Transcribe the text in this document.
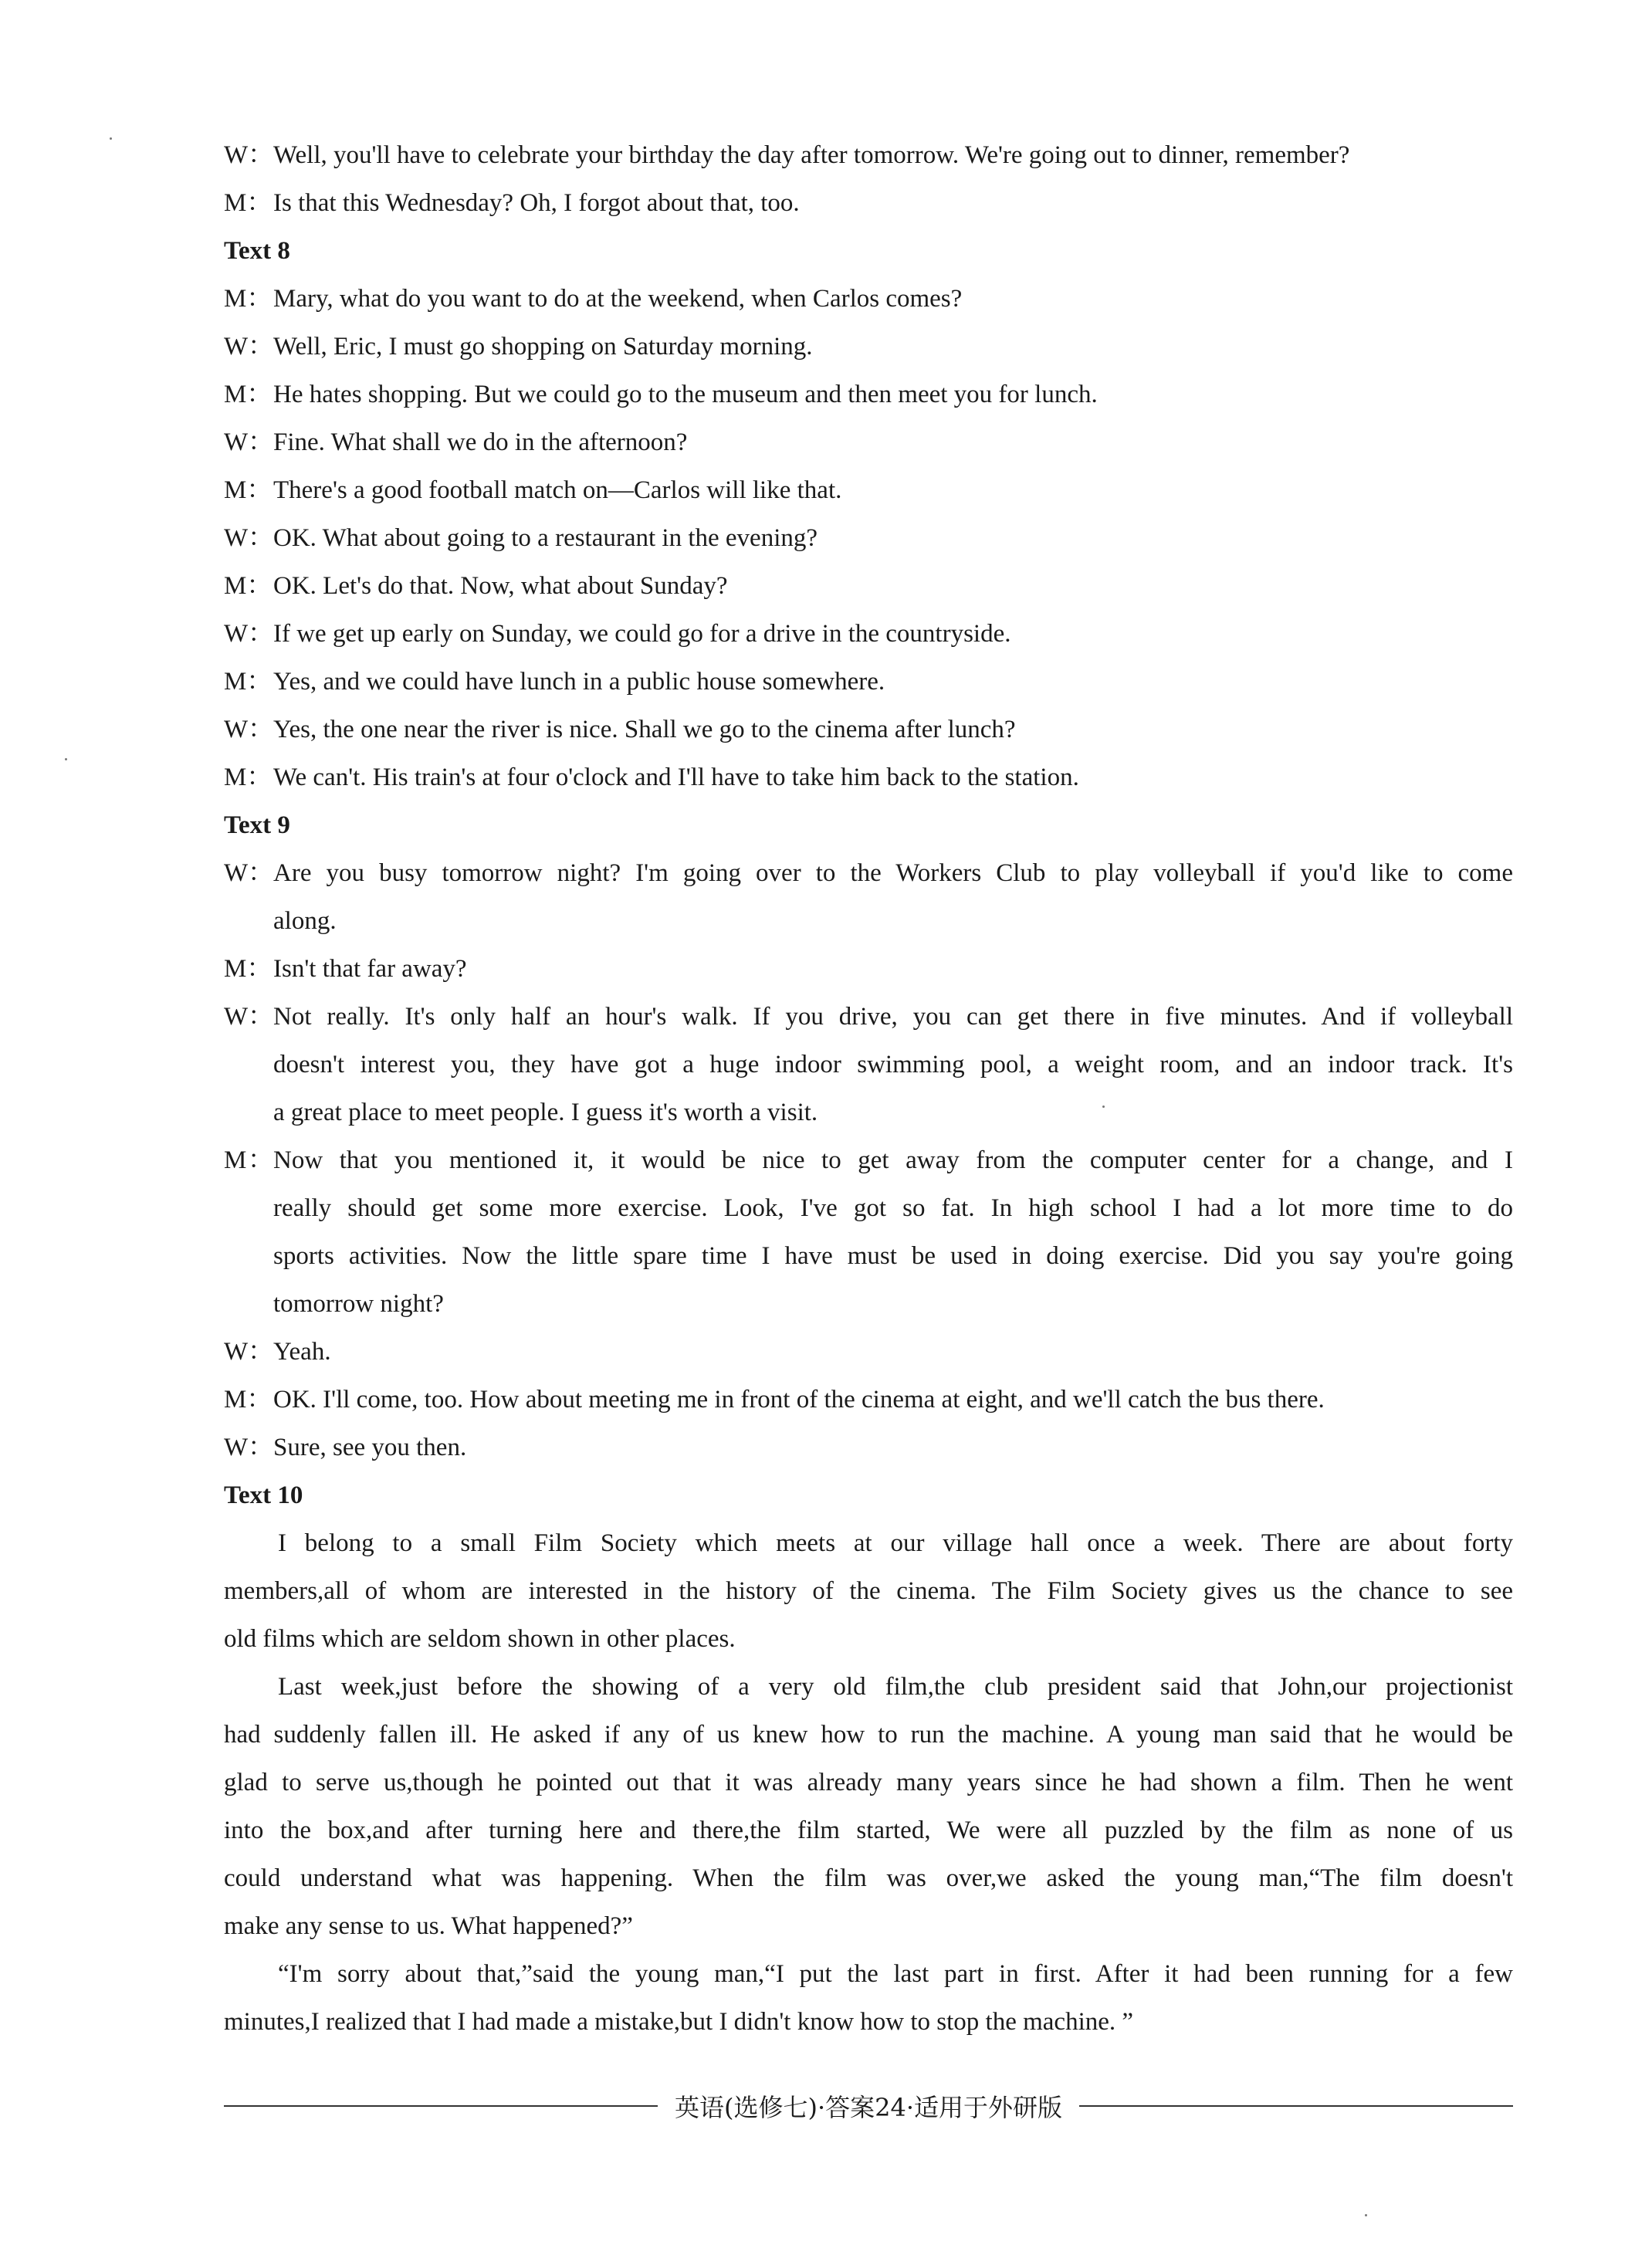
W：Well, you'll have to celebrate your birthday the day after tomorrow. We're going out to dinner, remember?
M：Is that this Wednesday? Oh, I forgot about that, too.
Text 8
M：Mary, what do you want to do at the weekend, when Carlos comes?
W：Well, Eric, I must go shopping on Saturday morning.
M：He hates shopping. But we could go to the museum and then meet you for lunch.
W：Fine. What shall we do in the afternoon?
M：There's a good football match on—Carlos will like that.
W：OK. What about going to a restaurant in the evening?
M：OK. Let's do that. Now, what about Sunday?
W：If we get up early on Sunday, we could go for a drive in the countryside.
M：Yes, and we could have lunch in a public house somewhere.
W：Yes, the one near the river is nice. Shall we go to the cinema after lunch?
M：We can't. His train's at four o'clock and I'll have to take him back to the station.
Text 9
W：Are you busy tomorrow night? I'm going over to the Workers Club to play volleyball if you'd like to come
along.
M：Isn't that far away?
W：Not really. It's only half an hour's walk. If you drive, you can get there in five minutes. And if volleyball
doesn't interest you, they have got a huge indoor swimming pool, a weight room, and an indoor track. It's
a great place to meet people. I guess it's worth a visit.
M：Now that you mentioned it, it would be nice to get away from the computer center for a change, and I
really should get some more exercise. Look, I've got so fat. In high school I had a lot more time to do
sports activities. Now the little spare time I have must be used in doing exercise. Did you say you're going
tomorrow night?
W：Yeah.
M：OK. I'll come, too. How about meeting me in front of the cinema at eight, and we'll catch the bus there.
W：Sure, see you then.
Text 10
I belong to a small Film Society which meets at our village hall once a week. There are about forty
members,all of whom are interested in the history of the cinema. The Film Society gives us the chance to see
old films which are seldom shown in other places.
Last week,just before the showing of a very old film,the club president said that John,our projectionist
had suddenly fallen ill. He asked if any of us knew how to run the machine. A young man said that he would be
glad to serve us,though he pointed out that it was already many years since he had shown a film. Then he went
into the box,and after turning here and there,the film started, We were all puzzled by the film as none of us
could understand what was happening. When the film was over,we asked the young man,“The film doesn't
make any sense to us. What happened?”
“I'm sorry about that,”said the young man,“I put the last part in first. After it had been running for a few
minutes,I realized that I had made a mistake,but I didn't know how to stop the machine. ”
英语(选修七)·答案24·适用于外研版
